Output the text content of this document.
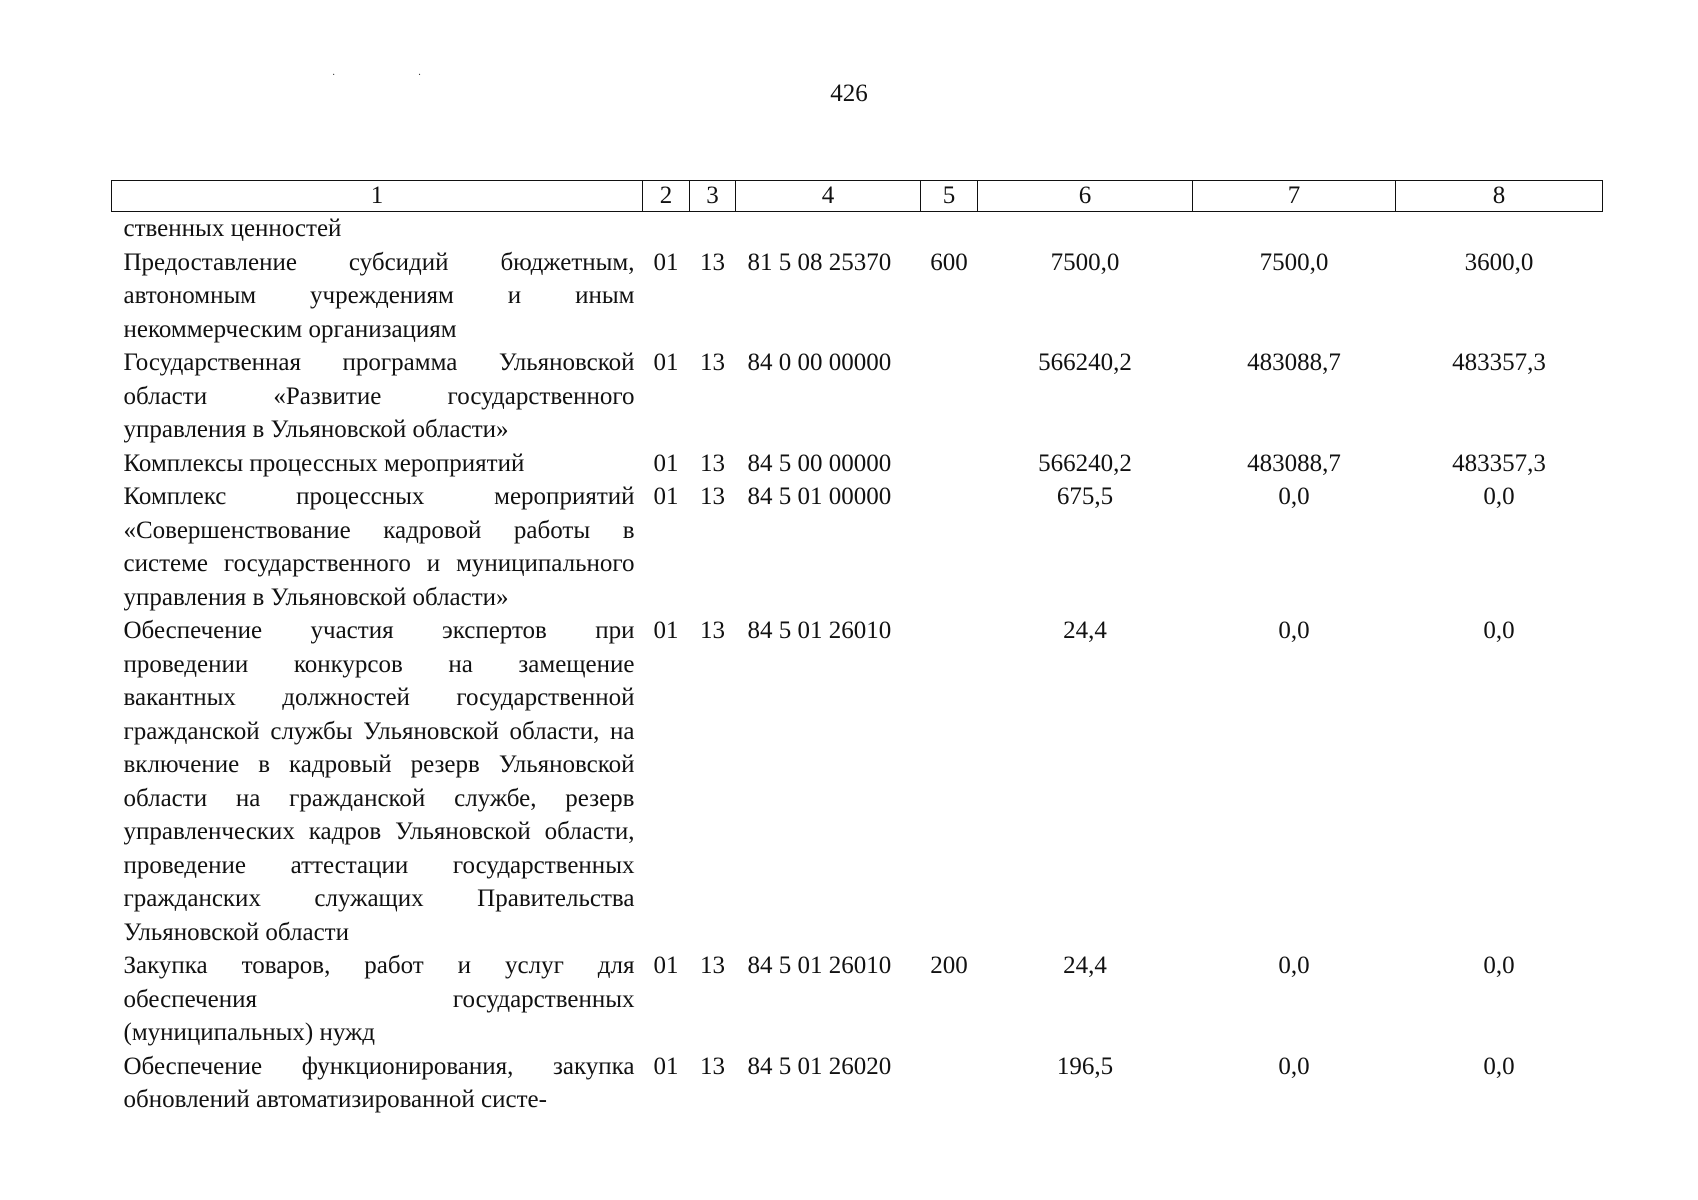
426
· ·
1	2	3	4	5	6	7	8
ственных ценностей							
Предоставление субсидий бюджетным, автономным учреждениям и иным некоммерческим организациям	01	13	81 5 08 25370	600	7500,0	7500,0	3600,0
Государственная программа Ульяновской области «Развитие государственного управления в Ульяновской области»	01	13	84 0 00 00000		566240,2	483088,7	483357,3
Комплексы процессных мероприятий	01	13	84 5 00 00000		566240,2	483088,7	483357,3
Комплекс процессных мероприятий «Совершенствование кадровой работы в системе государственного и муниципального управления в Ульяновской области»	01	13	84 5 01 00000		675,5	0,0	0,0
Обеспечение участия экспертов при проведении конкурсов на замещение вакантных должностей государственной гражданской службы Ульяновской области, на включение в кадровый резерв Ульяновской области на гражданской службе, резерв управленческих кадров Ульяновской области, проведение аттестации государственных гражданских служащих Правительства Ульяновской области	01	13	84 5 01 26010		24,4	0,0	0,0
Закупка товаров, работ и услуг для обеспечения государственных (муниципальных) нужд	01	13	84 5 01 26010	200	24,4	0,0	0,0
Обеспечение функционирования, закупка обновлений автоматизированной систе-	01	13	84 5 01 26020		196,5	0,0	0,0
